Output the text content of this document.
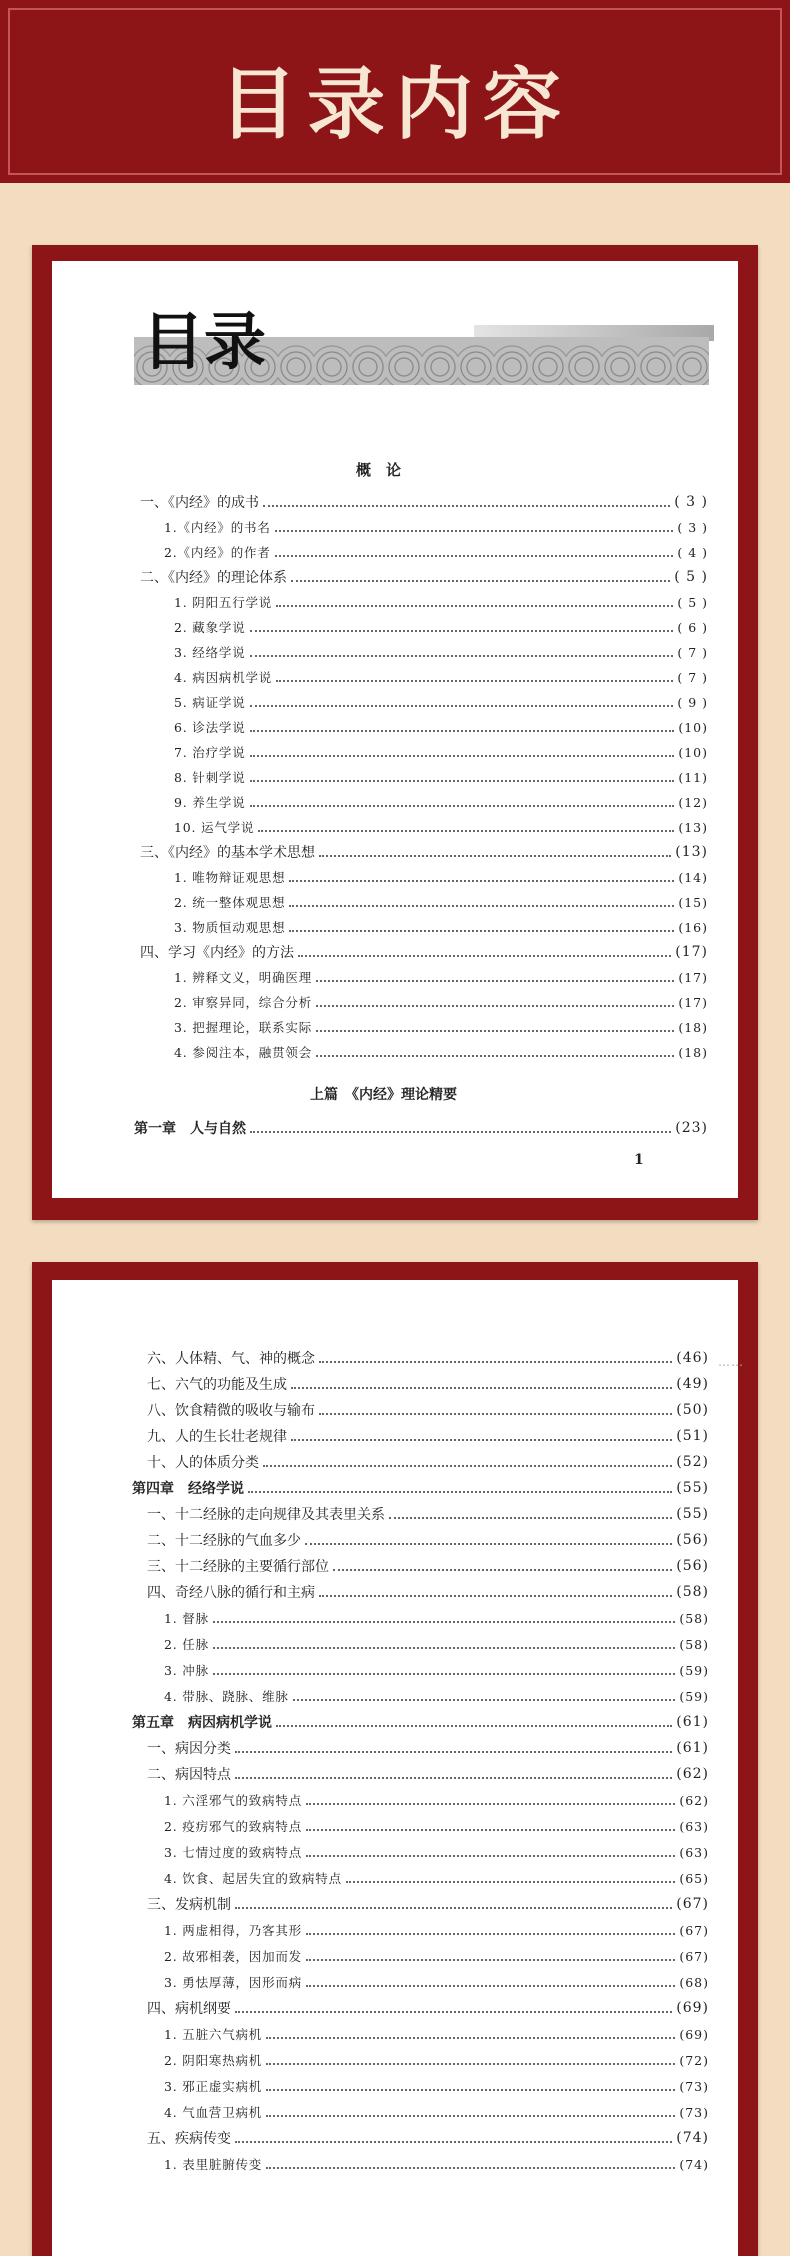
目录内容
目录
概　论
一、《内经》的成书	( 3 )
1.《内经》的书名	( 3 )
2.《内经》的作者	( 4 )
二、《内经》的理论体系	( 5 )
1. 阴阳五行学说	( 5 )
2. 藏象学说	( 6 )
3. 经络学说	( 7 )
4. 病因病机学说	( 7 )
5. 病证学说	( 9 )
6. 诊法学说	(10)
7. 治疗学说	(10)
8. 针刺学说	(11)
9. 养生学说	(12)
10. 运气学说	(13)
三、《内经》的基本学术思想	(13)
1. 唯物辩证观思想	(14)
2. 统一整体观思想	(15)
3. 物质恒动观思想	(16)
四、学习《内经》的方法	(17)
1. 辨释文义，明确医理	(17)
2. 审察异同，综合分析	(17)
3. 把握理论，联系实际	(18)
4. 参阅注本，融贯领会	(18)
上篇　《内经》理论精要
第一章　人与自然	(23)
1
六、人体精、气、神的概念	(46)
七、六气的功能及生成	(49)
八、饮食精微的吸收与输布	(50)
九、人的生长壮老规律	(51)
十、人的体质分类	(52)
第四章　经络学说	(55)
一、十二经脉的走向规律及其表里关系	(55)
二、十二经脉的气血多少	(56)
三、十二经脉的主要循行部位	(56)
四、奇经八脉的循行和主病	(58)
1. 督脉	(58)
2. 任脉	(58)
3. 冲脉	(59)
4. 带脉、跷脉、维脉	(59)
第五章　病因病机学说	(61)
一、病因分类	(61)
二、病因特点	(62)
1. 六淫邪气的致病特点	(62)
2. 疫疠邪气的致病特点	(63)
3. 七情过度的致病特点	(63)
4. 饮食、起居失宜的致病特点	(65)
三、发病机制	(67)
1. 两虚相得，乃客其形	(67)
2. 故邪相袭，因加而发	(67)
3. 勇怯厚薄，因形而病	(68)
四、病机纲要	(69)
1. 五脏六气病机	(69)
2. 阴阳寒热病机	(72)
3. 邪正虚实病机	(73)
4. 气血营卫病机	(73)
五、疾病传变	(74)
1. 表里脏腑传变	(74)
……
